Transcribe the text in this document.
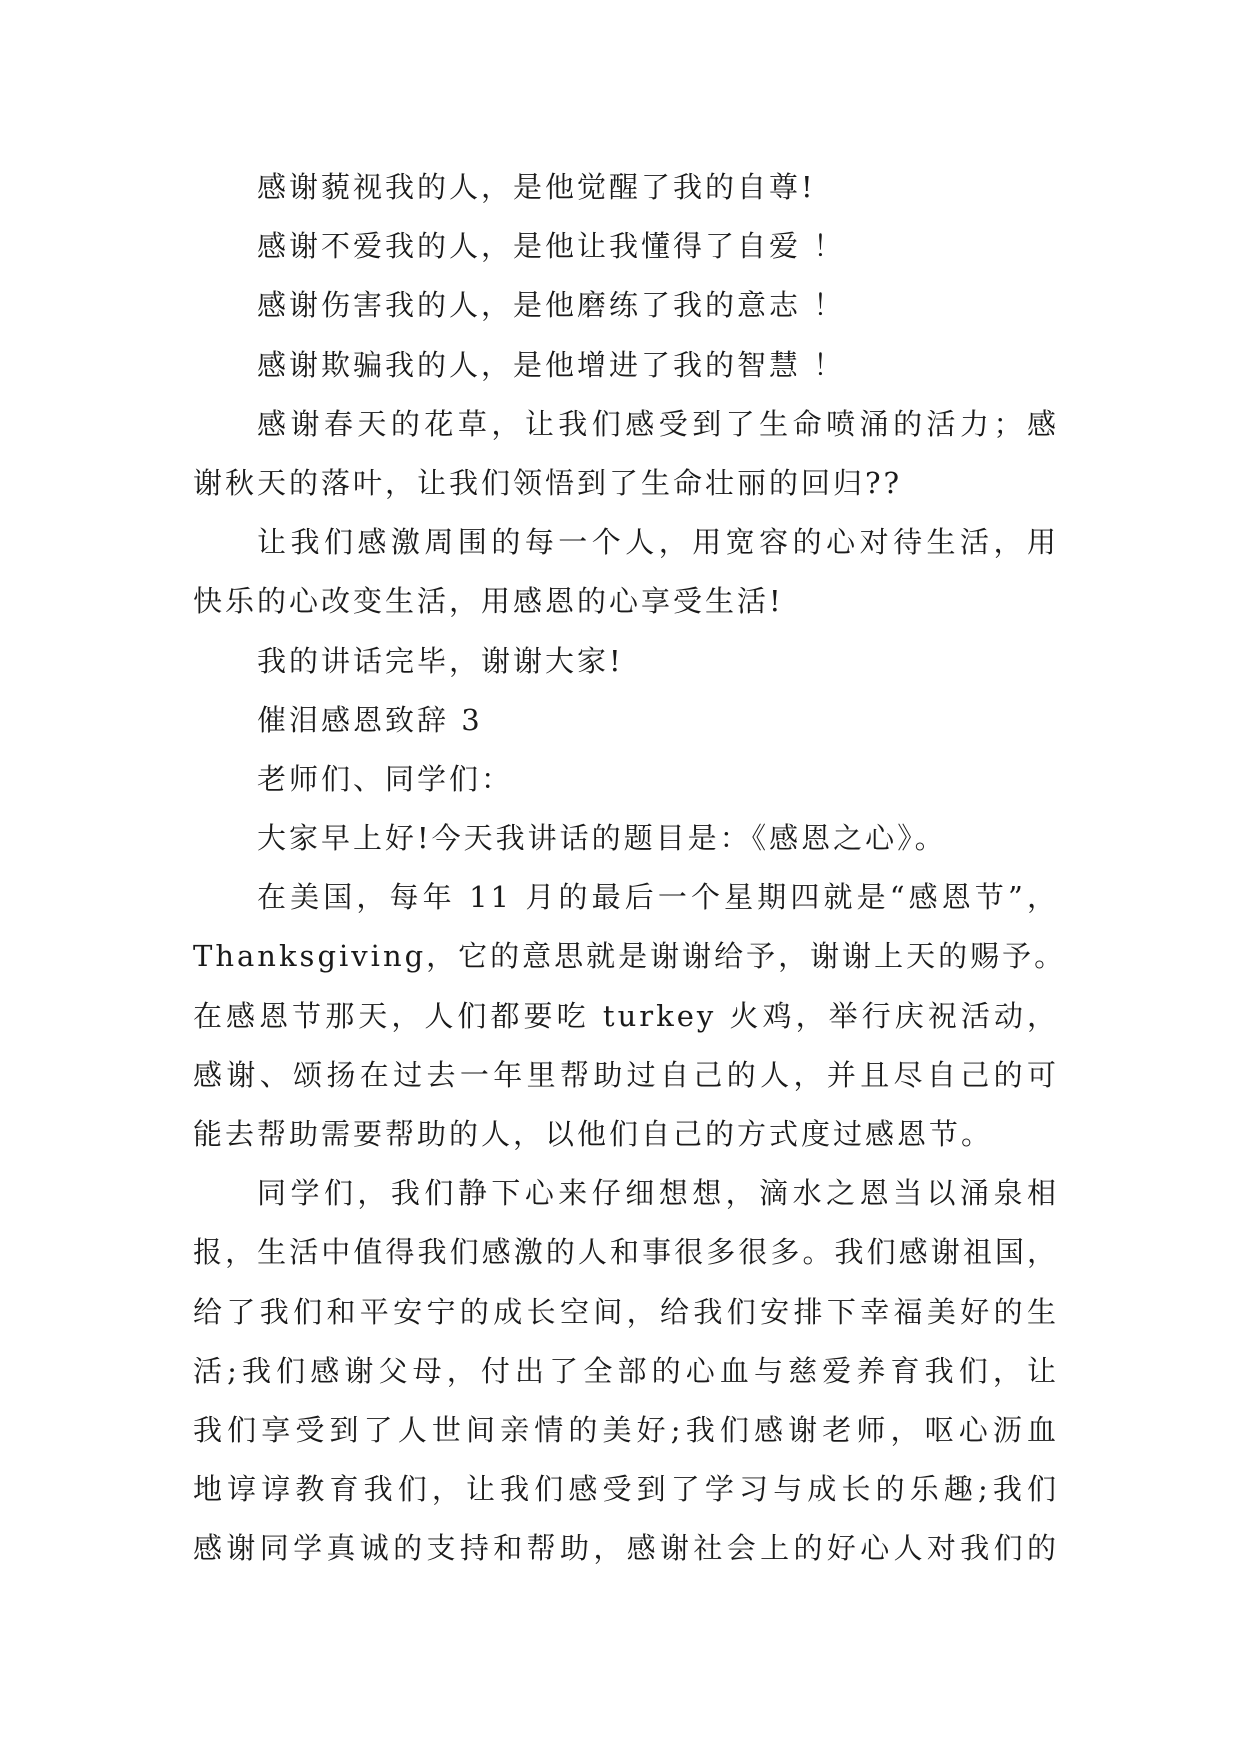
感谢藐视我的人，是他觉醒了我的自尊!
感谢不爱我的人，是他让我懂得了自爱 ！
感谢伤害我的人，是他磨练了我的意志 ！
感谢欺骗我的人，是他增进了我的智慧 ！
感谢春天的花草，让我们感受到了生命喷涌的活力；感
谢秋天的落叶，让我们领悟到了生命壮丽的回归??
让我们感激周围的每一个人，用宽容的心对待生活，用
快乐的心改变生活，用感恩的心享受生活!
我的讲话完毕，谢谢大家!
催泪感恩致辞 3
老师们、同学们：
大家早上好!今天我讲话的题目是：《感恩之心》。
在美国，每年 11 月的最后一个星期四就是“感恩节”，
Thanksgiving，它的意思就是谢谢给予，谢谢上天的赐予。
在感恩节那天，人们都要吃 turkey 火鸡，举行庆祝活动，
感谢、颂扬在过去一年里帮助过自己的人，并且尽自己的可
能去帮助需要帮助的人，以他们自己的方式度过感恩节。
同学们，我们静下心来仔细想想，滴水之恩当以涌泉相
报，生活中值得我们感激的人和事很多很多。我们感谢祖国，
给了我们和平安宁的成长空间，给我们安排下幸福美好的生
活;我们感谢父母，付出了全部的心血与慈爱养育我们，让
我们享受到了人世间亲情的美好;我们感谢老师，呕心沥血
地谆谆教育我们，让我们感受到了学习与成长的乐趣;我们
感谢同学真诚的支持和帮助，感谢社会上的好心人对我们的
